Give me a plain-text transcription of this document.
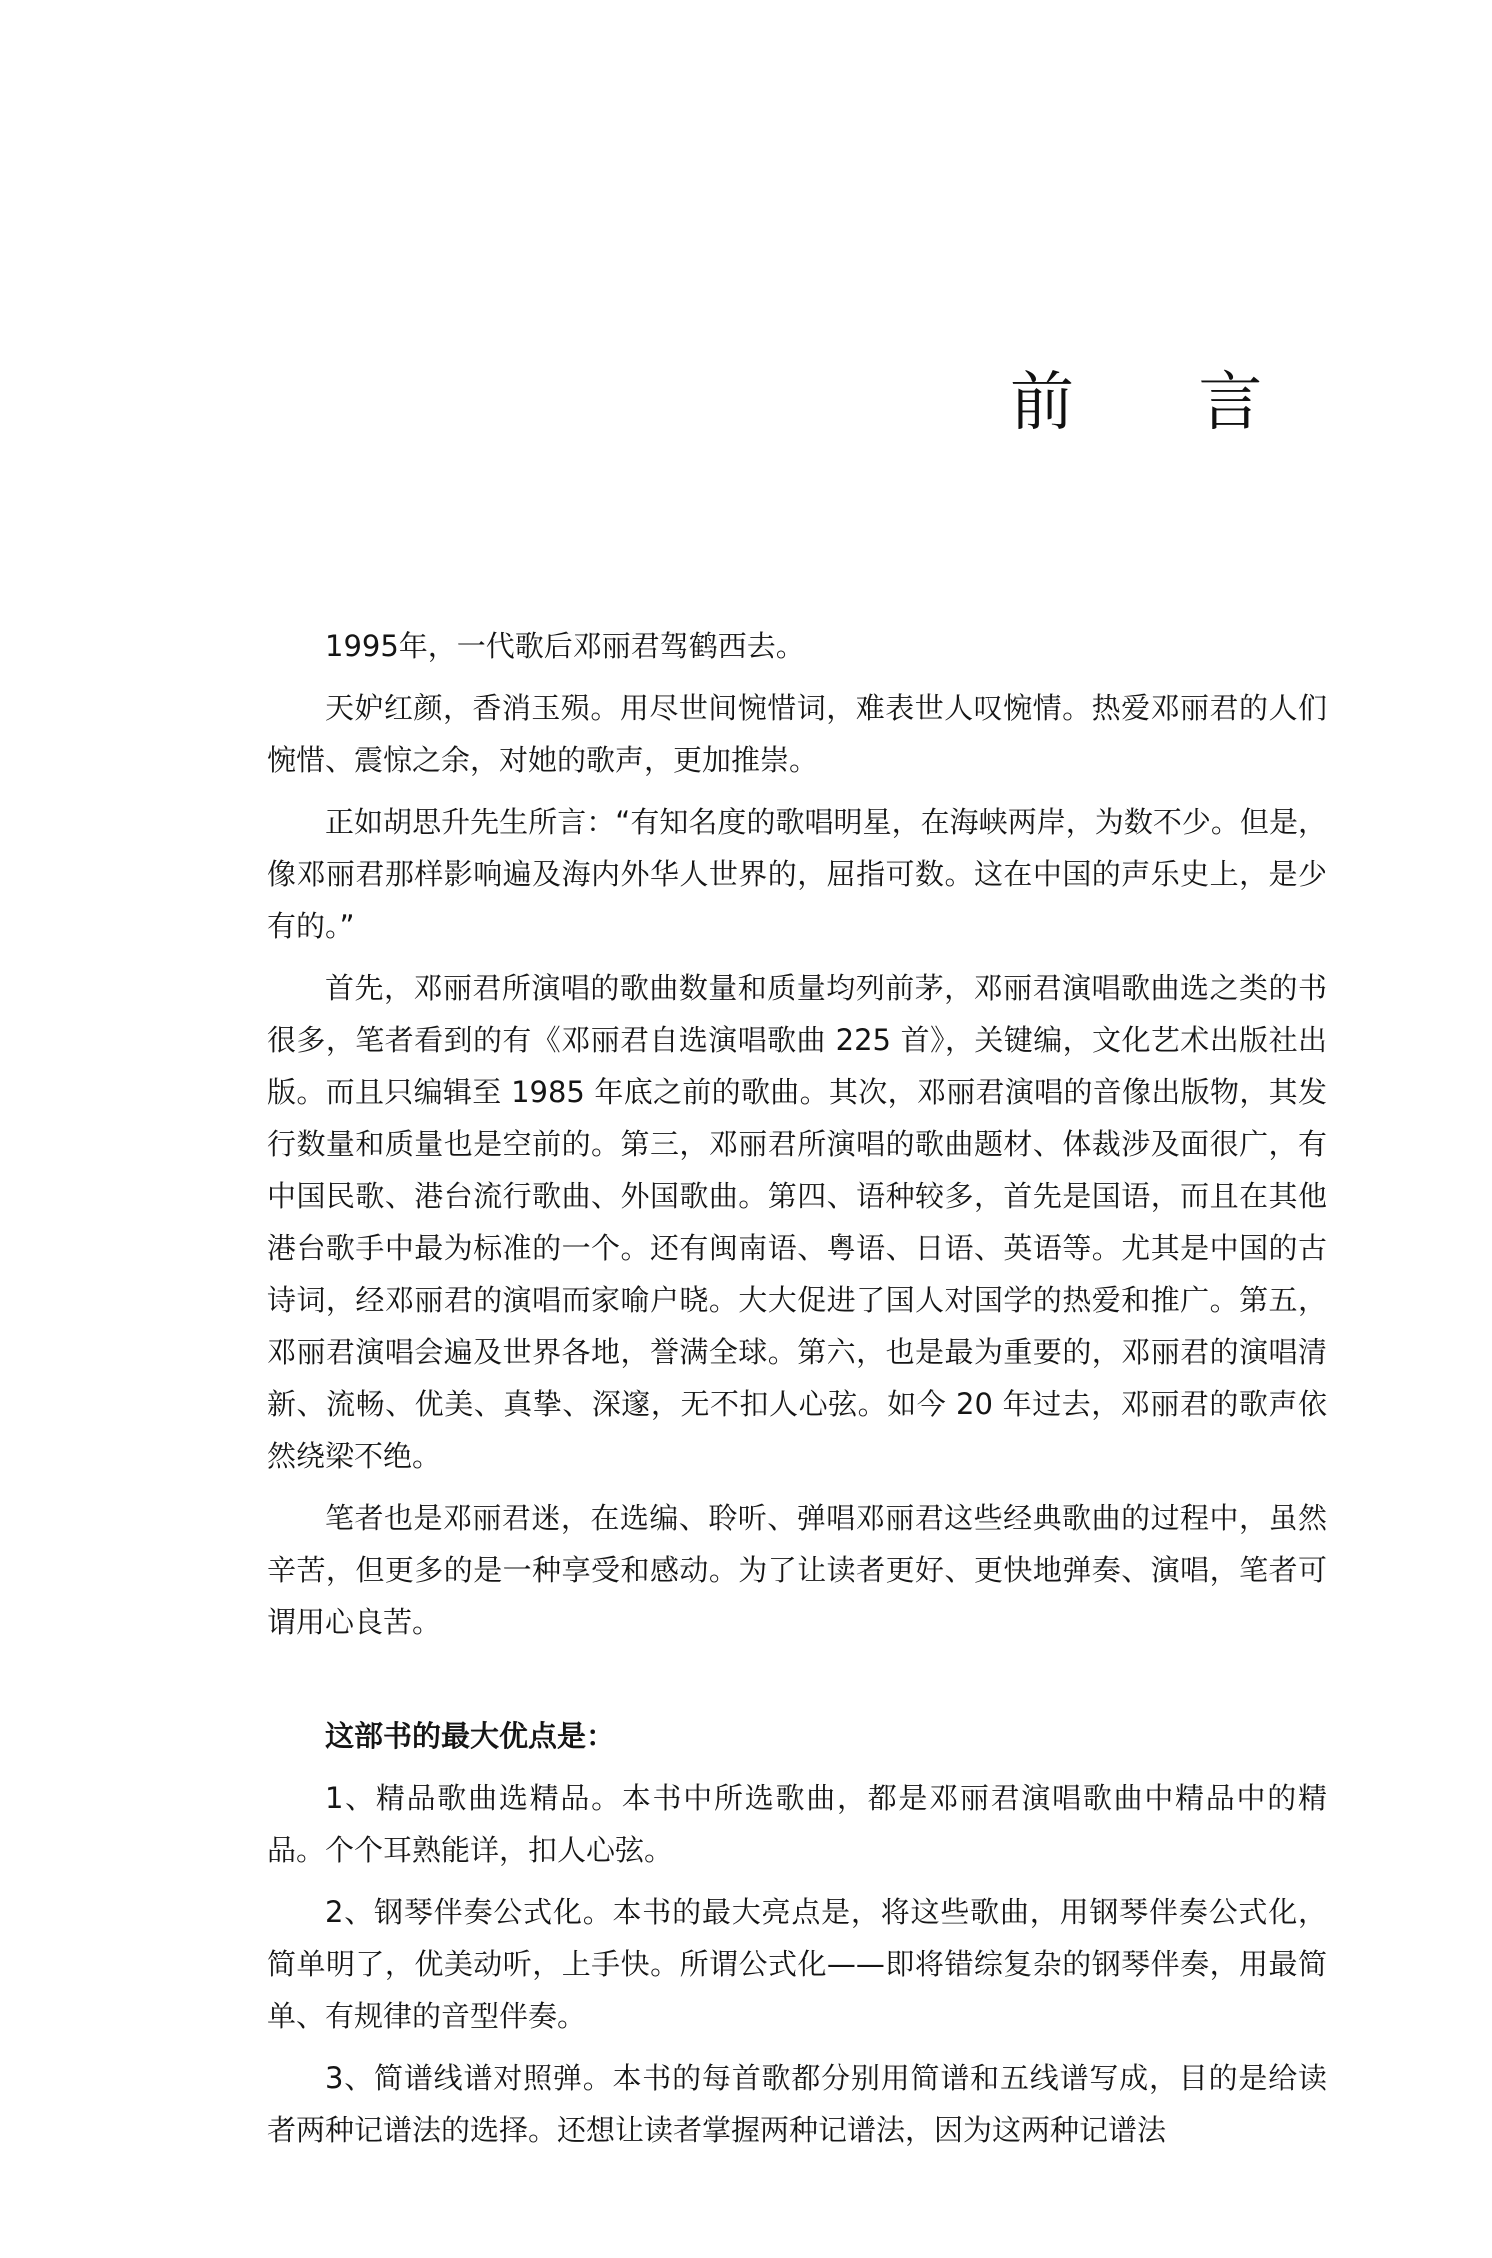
前 言

1995年，一代歌后邓丽君驾鹤西去。

天妒红颜，香消玉殒。用尽世间惋惜词，难表世人叹惋情。热爱邓丽君的人们惋惜、震惊之余，对她的歌声，更加推崇。

正如胡思升先生所言：“有知名度的歌唱明星，在海峡两岸，为数不少。但是，像邓丽君那样影响遍及海内外华人世界的，屈指可数。这在中国的声乐史上，是少有的。”

首先，邓丽君所演唱的歌曲数量和质量均列前茅，邓丽君演唱歌曲选之类的书很多，笔者看到的有《邓丽君自选演唱歌曲 225 首》，关键编，文化艺术出版社出版。而且只编辑至 1985 年底之前的歌曲。其次，邓丽君演唱的音像出版物，其发行数量和质量也是空前的。第三，邓丽君所演唱的歌曲题材、体裁涉及面很广，有中国民歌、港台流行歌曲、外国歌曲。第四、语种较多，首先是国语，而且在其他港台歌手中最为标准的一个。还有闽南语、粤语、日语、英语等。尤其是中国的古诗词，经邓丽君的演唱而家喻户晓。大大促进了国人对国学的热爱和推广。第五，邓丽君演唱会遍及世界各地，誉满全球。第六，也是最为重要的，邓丽君的演唱清新、流畅、优美、真挚、深邃，无不扣人心弦。如今 20 年过去，邓丽君的歌声依然绕梁不绝。

笔者也是邓丽君迷，在选编、聆听、弹唱邓丽君这些经典歌曲的过程中，虽然辛苦，但更多的是一种享受和感动。为了让读者更好、更快地弹奏、演唱，笔者可谓用心良苦。

这部书的最大优点是：

1、精品歌曲选精品。本书中所选歌曲，都是邓丽君演唱歌曲中精品中的精品。个个耳熟能详，扣人心弦。

2、钢琴伴奏公式化。本书的最大亮点是，将这些歌曲，用钢琴伴奏公式化，简单明了，优美动听，上手快。所谓公式化——即将错综复杂的钢琴伴奏，用最简单、有规律的音型伴奏。

3、简谱线谱对照弹。本书的每首歌都分别用简谱和五线谱写成，目的是给读者两种记谱法的选择。还想让读者掌握两种记谱法，因为这两种记谱法
